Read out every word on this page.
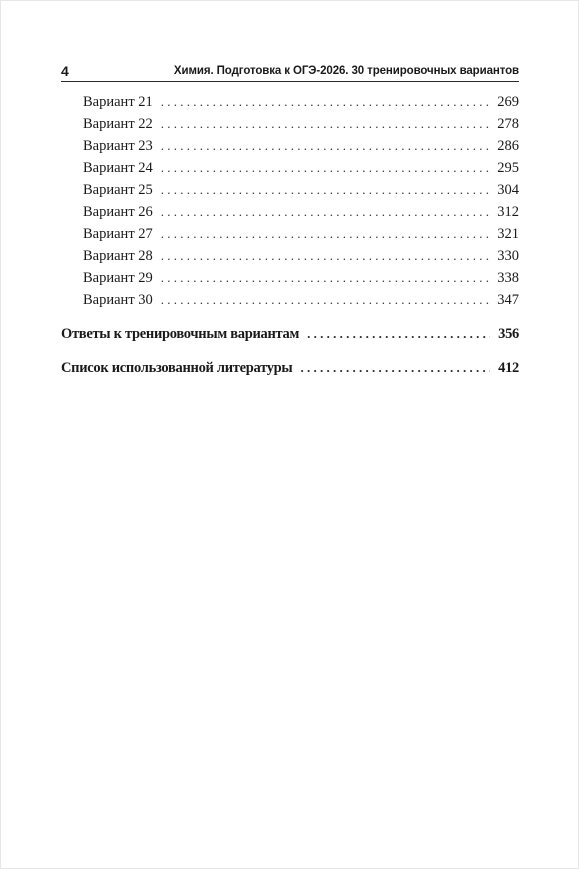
4	Химия. Подготовка к ОГЭ-2026. 30 тренировочных вариантов
Вариант 21 . . .	269
Вариант 22 . . .	278
Вариант 23 . . .	286
Вариант 24 . . .	295
Вариант 25 . . .	304
Вариант 26 . . .	312
Вариант 27 . . .	321
Вариант 28 . . .	330
Вариант 29 . . .	338
Вариант 30 . . .	347
Ответы к тренировочным вариантам . . .	356
Список использованной литературы . . .	412
